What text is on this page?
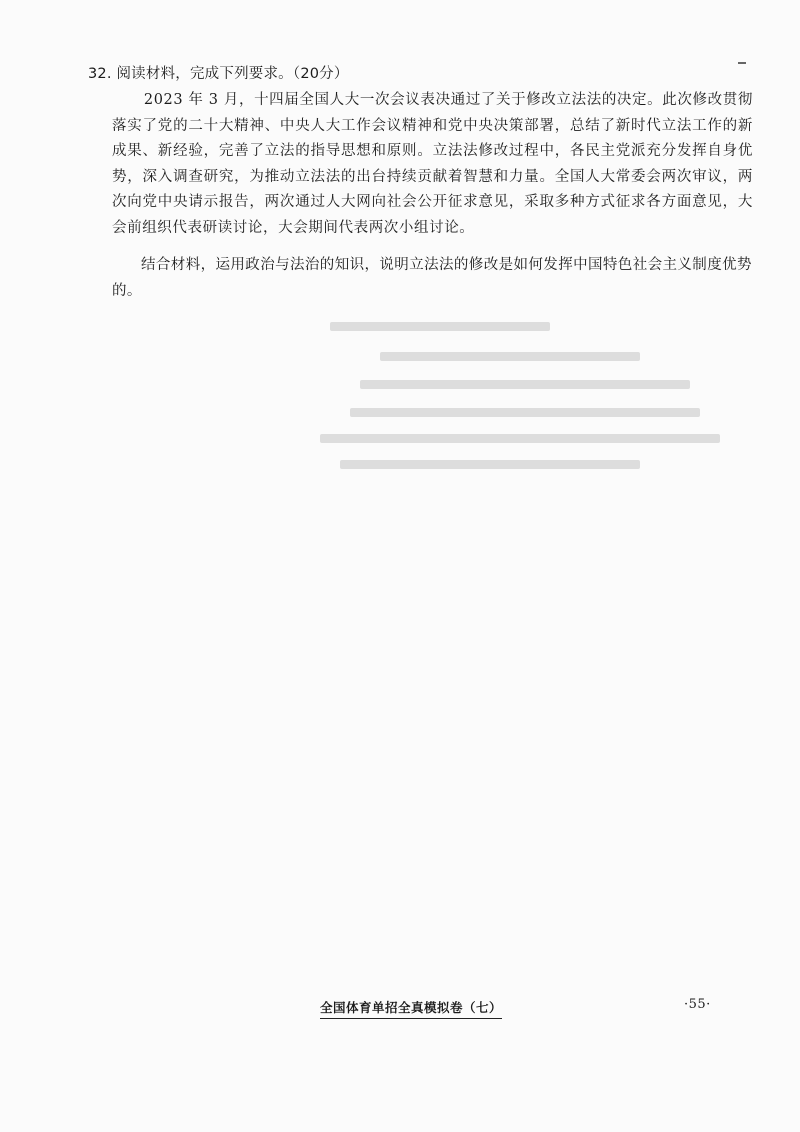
32. 阅读材料，完成下列要求。（20分）

2023 年 3 月，十四届全国人大一次会议表决通过了关于修改立法法的决定。此次修改贯彻落实了党的二十大精神、中央人大工作会议精神和党中央决策部署，总结了新时代立法工作的新成果、新经验，完善了立法的指导思想和原则。立法法修改过程中，各民主党派充分发挥自身优势，深入调查研究，为推动立法法的出台持续贡献着智慧和力量。全国人大常委会两次审议，两次向党中央请示报告，两次通过人大网向社会公开征求意见，采取多种方式征求各方面意见，大会前组织代表研读讨论，大会期间代表两次小组讨论。

结合材料，运用政治与法治的知识，说明立法法的修改是如何发挥中国特色社会主义制度优势的。

全国体育单招全真模拟卷（七）	·55·
